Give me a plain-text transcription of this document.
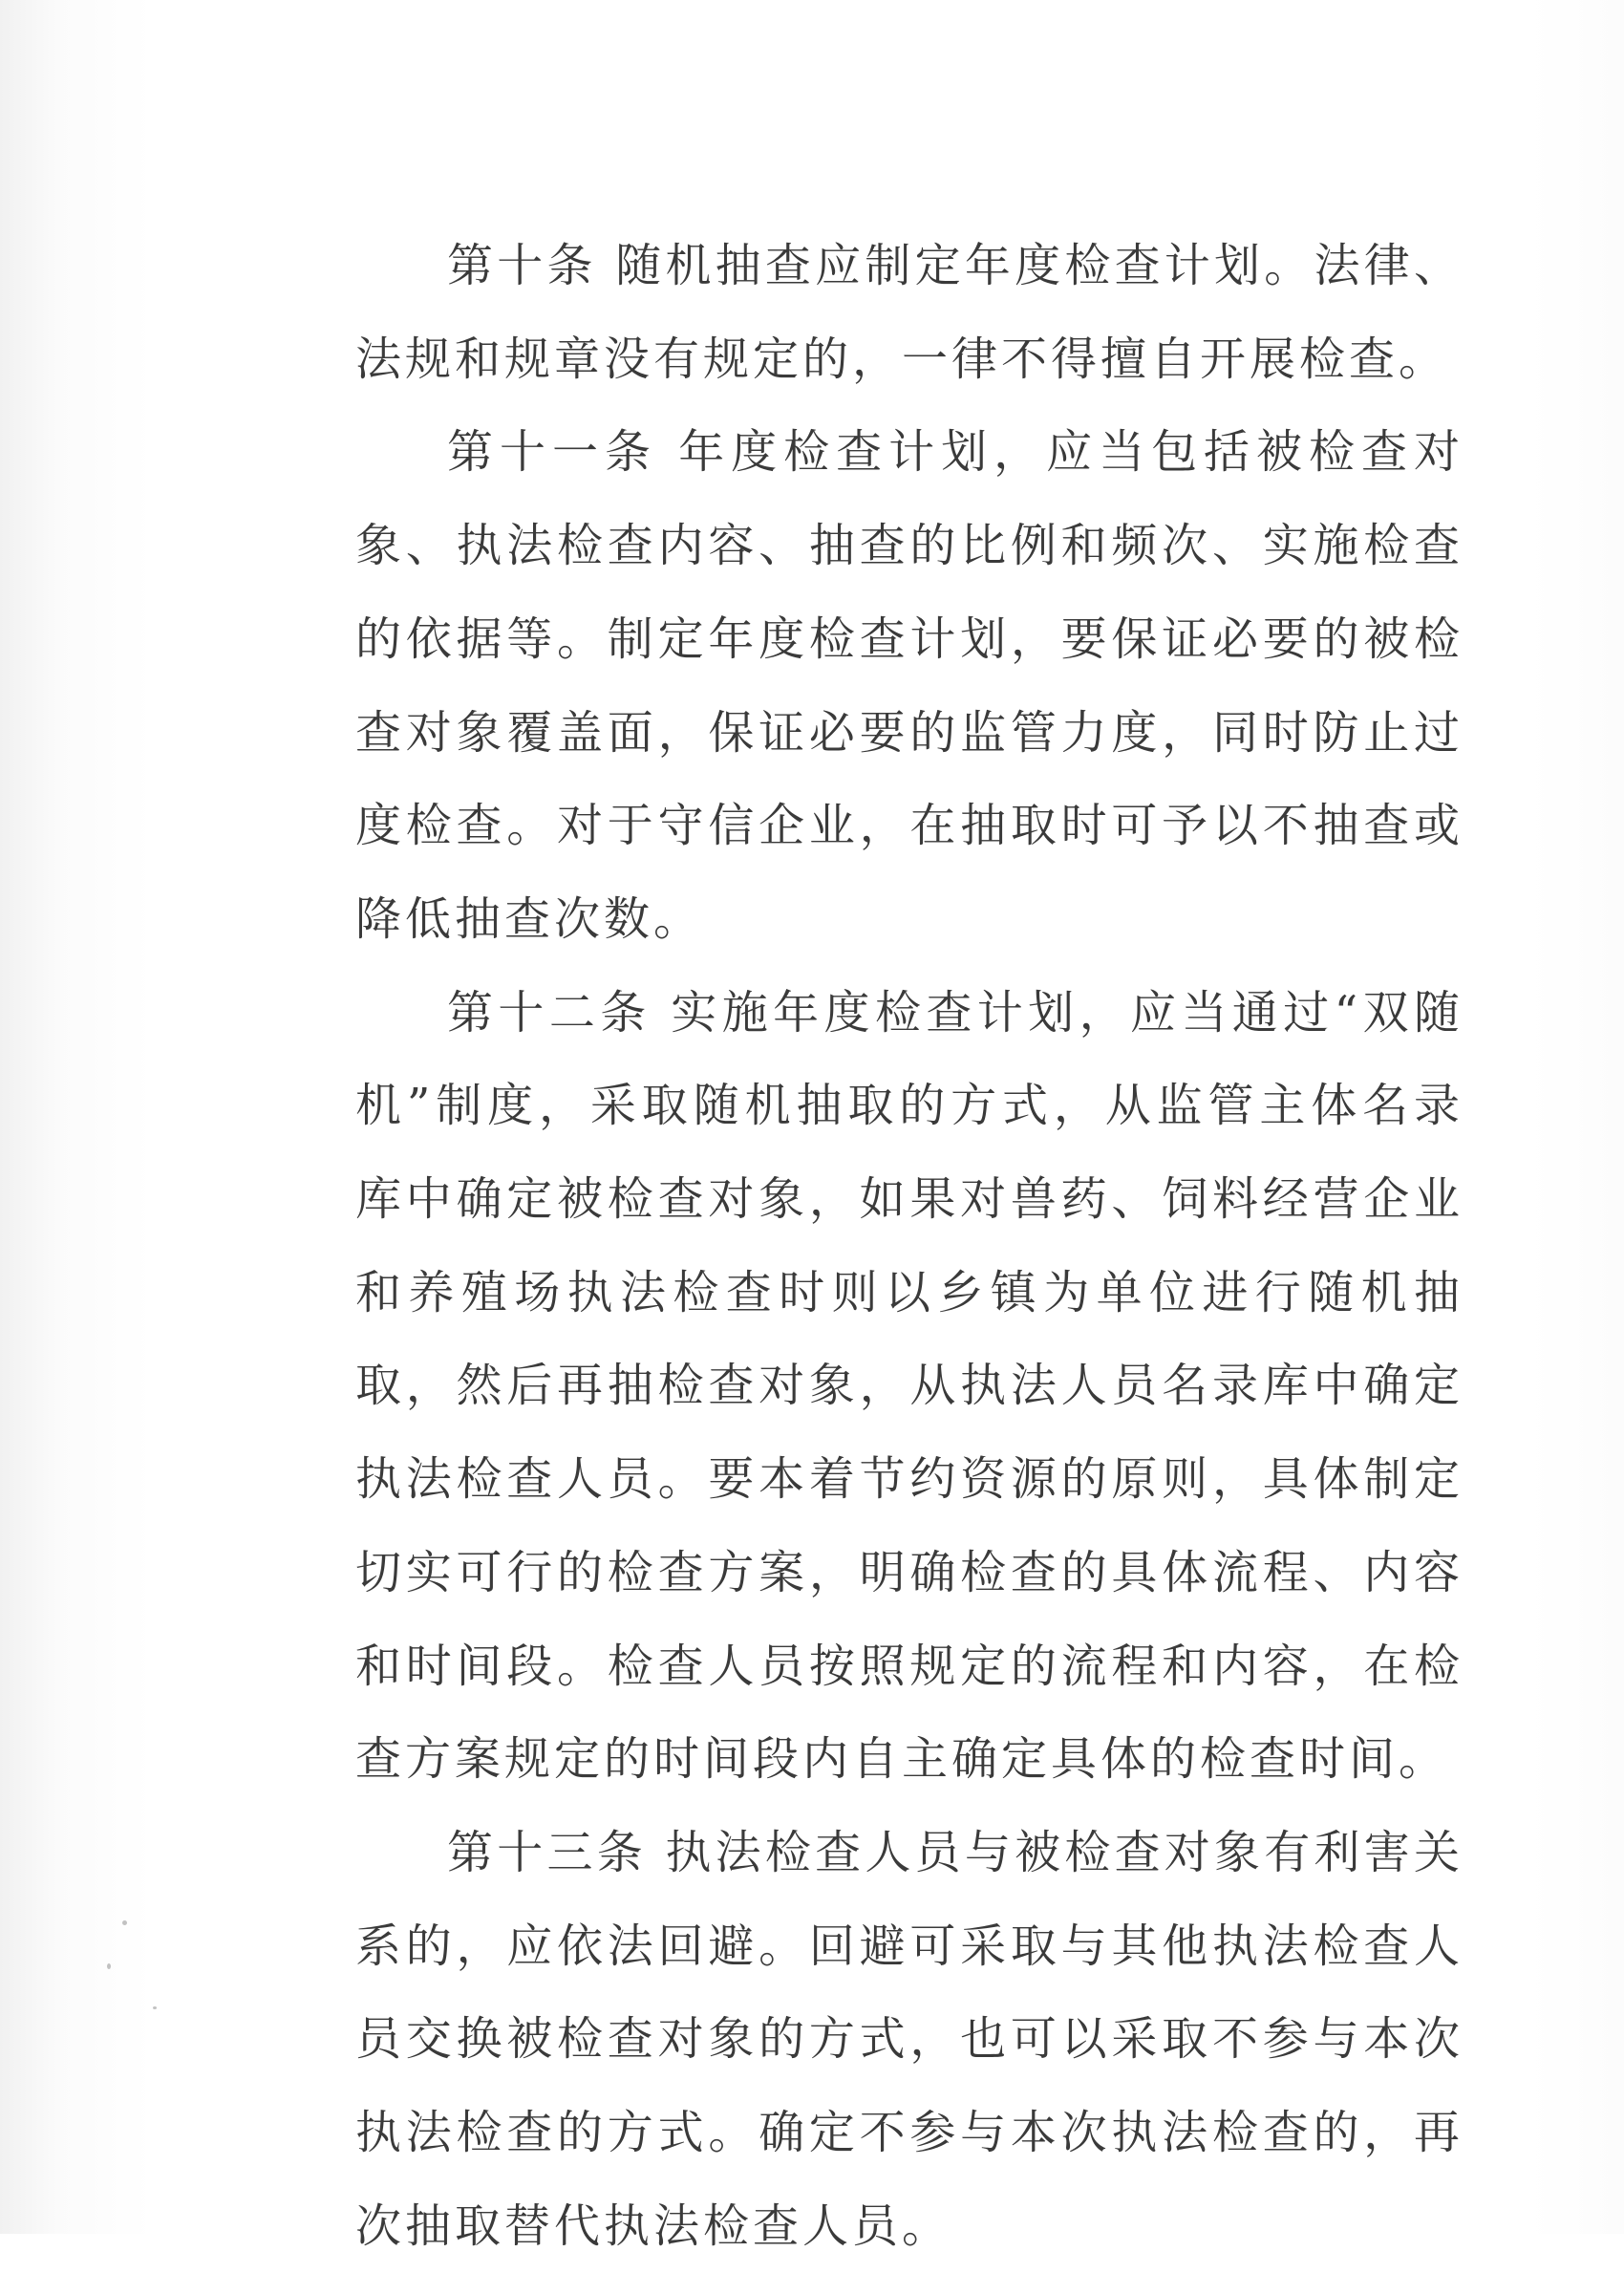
第十条 随机抽查应制定年度检查计划。法律、法规和规章没有规定的，一律不得擅自开展检查。

第十一条 年度检查计划，应当包括被检查对象、执法检查内容、抽查的比例和频次、实施检查的依据等。制定年度检查计划，要保证必要的被检查对象覆盖面，保证必要的监管力度，同时防止过度检查。对于守信企业，在抽取时可予以不抽查或降低抽查次数。

第十二条 实施年度检查计划，应当通过“双随机”制度，采取随机抽取的方式，从监管主体名录库中确定被检查对象，如果对兽药、饲料经营企业和养殖场执法检查时则以乡镇为单位进行随机抽取，然后再抽检查对象，从执法人员名录库中确定执法检查人员。要本着节约资源的原则，具体制定切实可行的检查方案，明确检查的具体流程、内容和时间段。检查人员按照规定的流程和内容，在检查方案规定的时间段内自主确定具体的检查时间。

第十三条 执法检查人员与被检查对象有利害关系的，应依法回避。回避可采取与其他执法检查人员交换被检查对象的方式，也可以采取不参与本次执法检查的方式。确定不参与本次执法检查的，再次抽取替代执法检查人员。
